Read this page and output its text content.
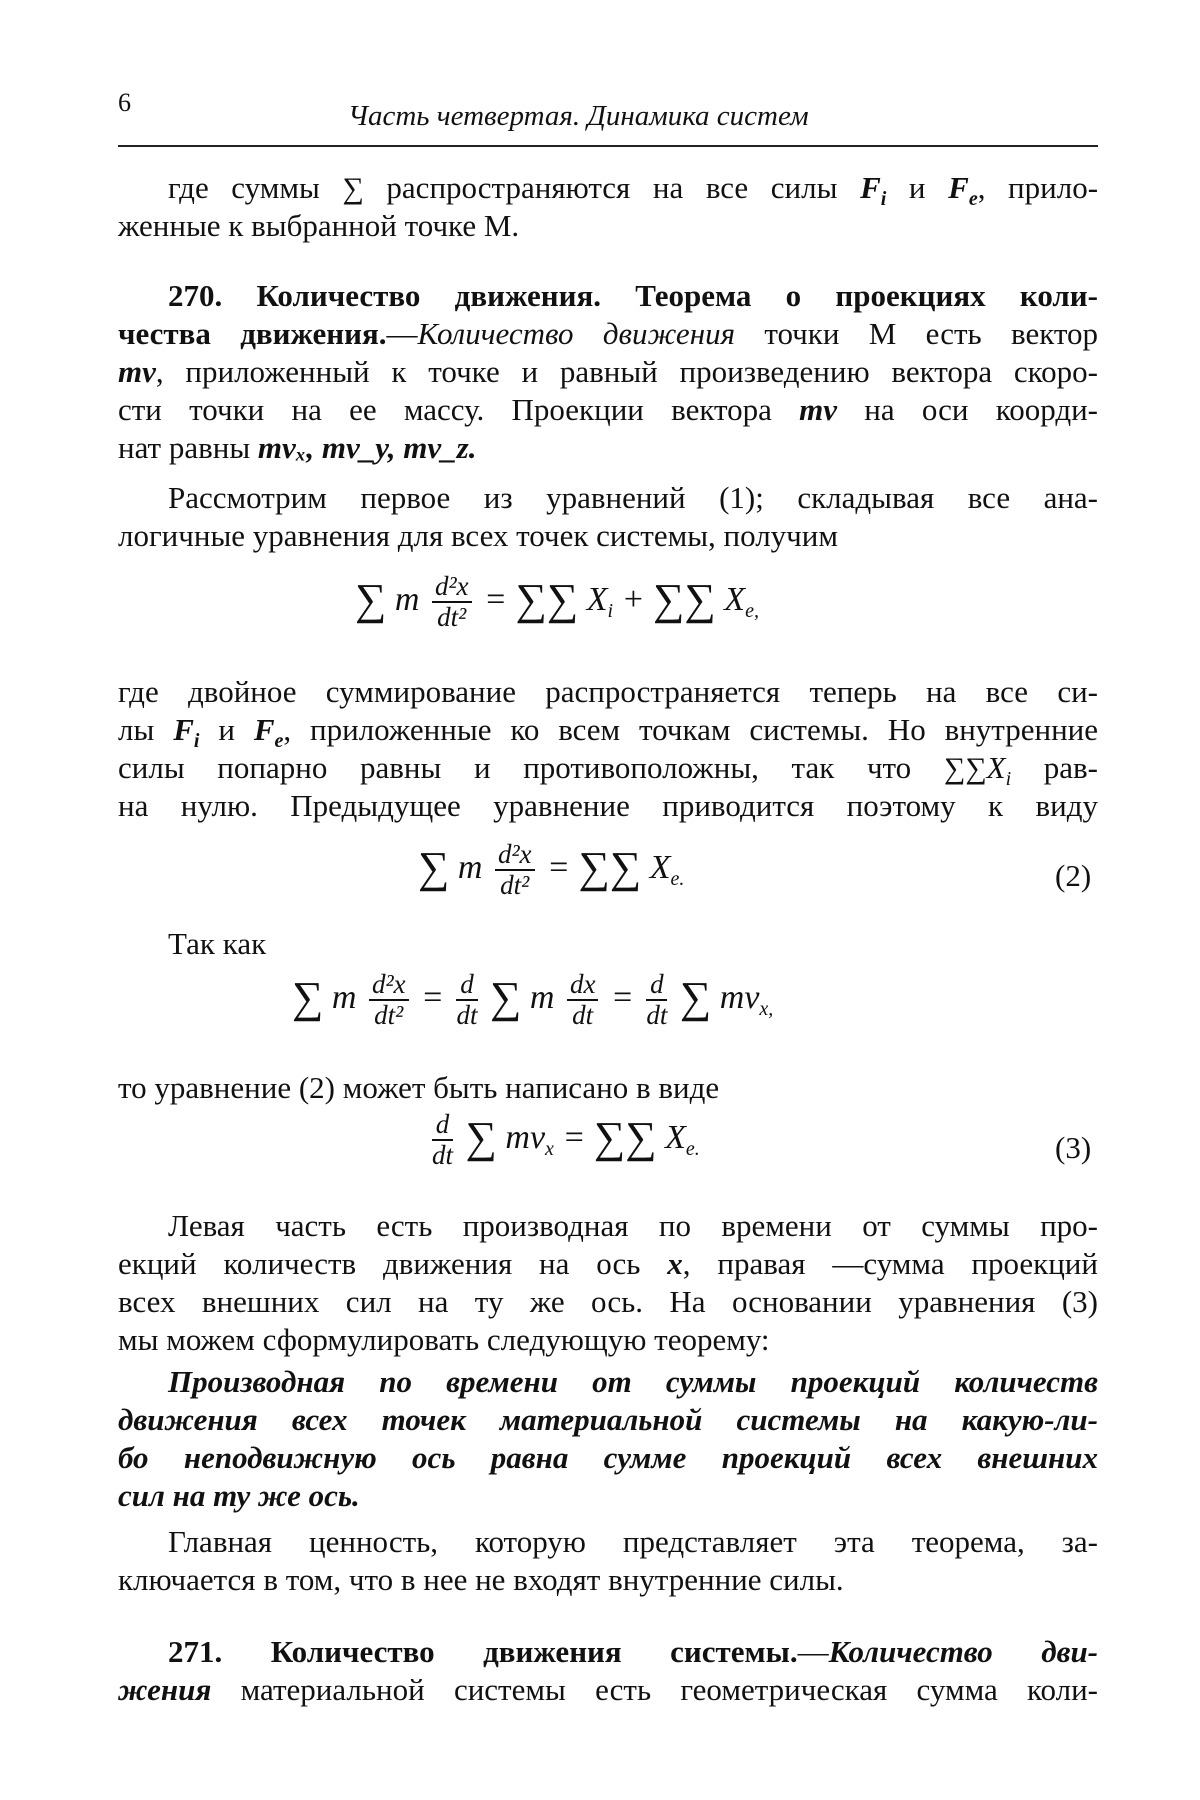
6	Часть четвертая. Динамика систем
где суммы ∑ распространяются на все силы $F_i$ и $F_e$, прило-
женные к выбранной точке М.
270. Количество движения. Теорема о проекциях коли-
чества движения.—Количество движения точки М есть вектор
mv, приложенный к точке и равный произведению вектора скоро-
сти точки на ее массу. Проекции вектора mv на оси коорди-
нат равны mvₓ, mv_y, mv_z.
Рассмотрим первое из уравнений (1); складывая все ана-
логичные уравнения для всех точек системы, получим
∑ m $\frac{\text{d²x}}{\text{dt²}}$ = ∑∑ $X_i$ + ∑∑ $X_{e,}$
где двойное суммирование распространяется теперь на все си-
лы $F_i$ и $F_e$, приложенные ко всем точкам системы. Но внутренние
силы попарно равны и противоположны, так что $\sum\sum X_i$ рав-
на нулю. Предыдущее уравнение приводится поэтому к виду
∑ m $\frac{\text{d²x}}{\text{dt²}}$ = ∑∑ $X_{e.}$	(2)
Так как
∑ m $\frac{\text{d²x}}{\text{dt²}} = \frac{d}{dt}$ ∑ m $\frac{dx}{dt} = \frac{d}{dt}$ ∑ $mv_{x,}$
то уравнение (2) может быть написано в виде
$\frac{d}{dt}$ ∑ $mv_x$ = ∑∑ $X_{e.}$	(3)
Левая часть есть производная по времени от суммы про-
екций количеств движения на ось x, правая —сумма проекций
всех внешних сил на ту же ось. На основании уравнения (3)
мы можем сформулировать следующую теорему:
Производная по времени от суммы проекций количеств
движения всех точек материальной системы на какую-ли-
бо неподвижную ось равна сумме проекций всех внешних
сил на ту же ось.
Главная ценность, которую представляет эта теорема, за-
ключается в том, что в нее не входят внутренние силы.
271. Количество движения системы.—Количество дви-
жения материальной системы есть геометрическая сумма коли-
